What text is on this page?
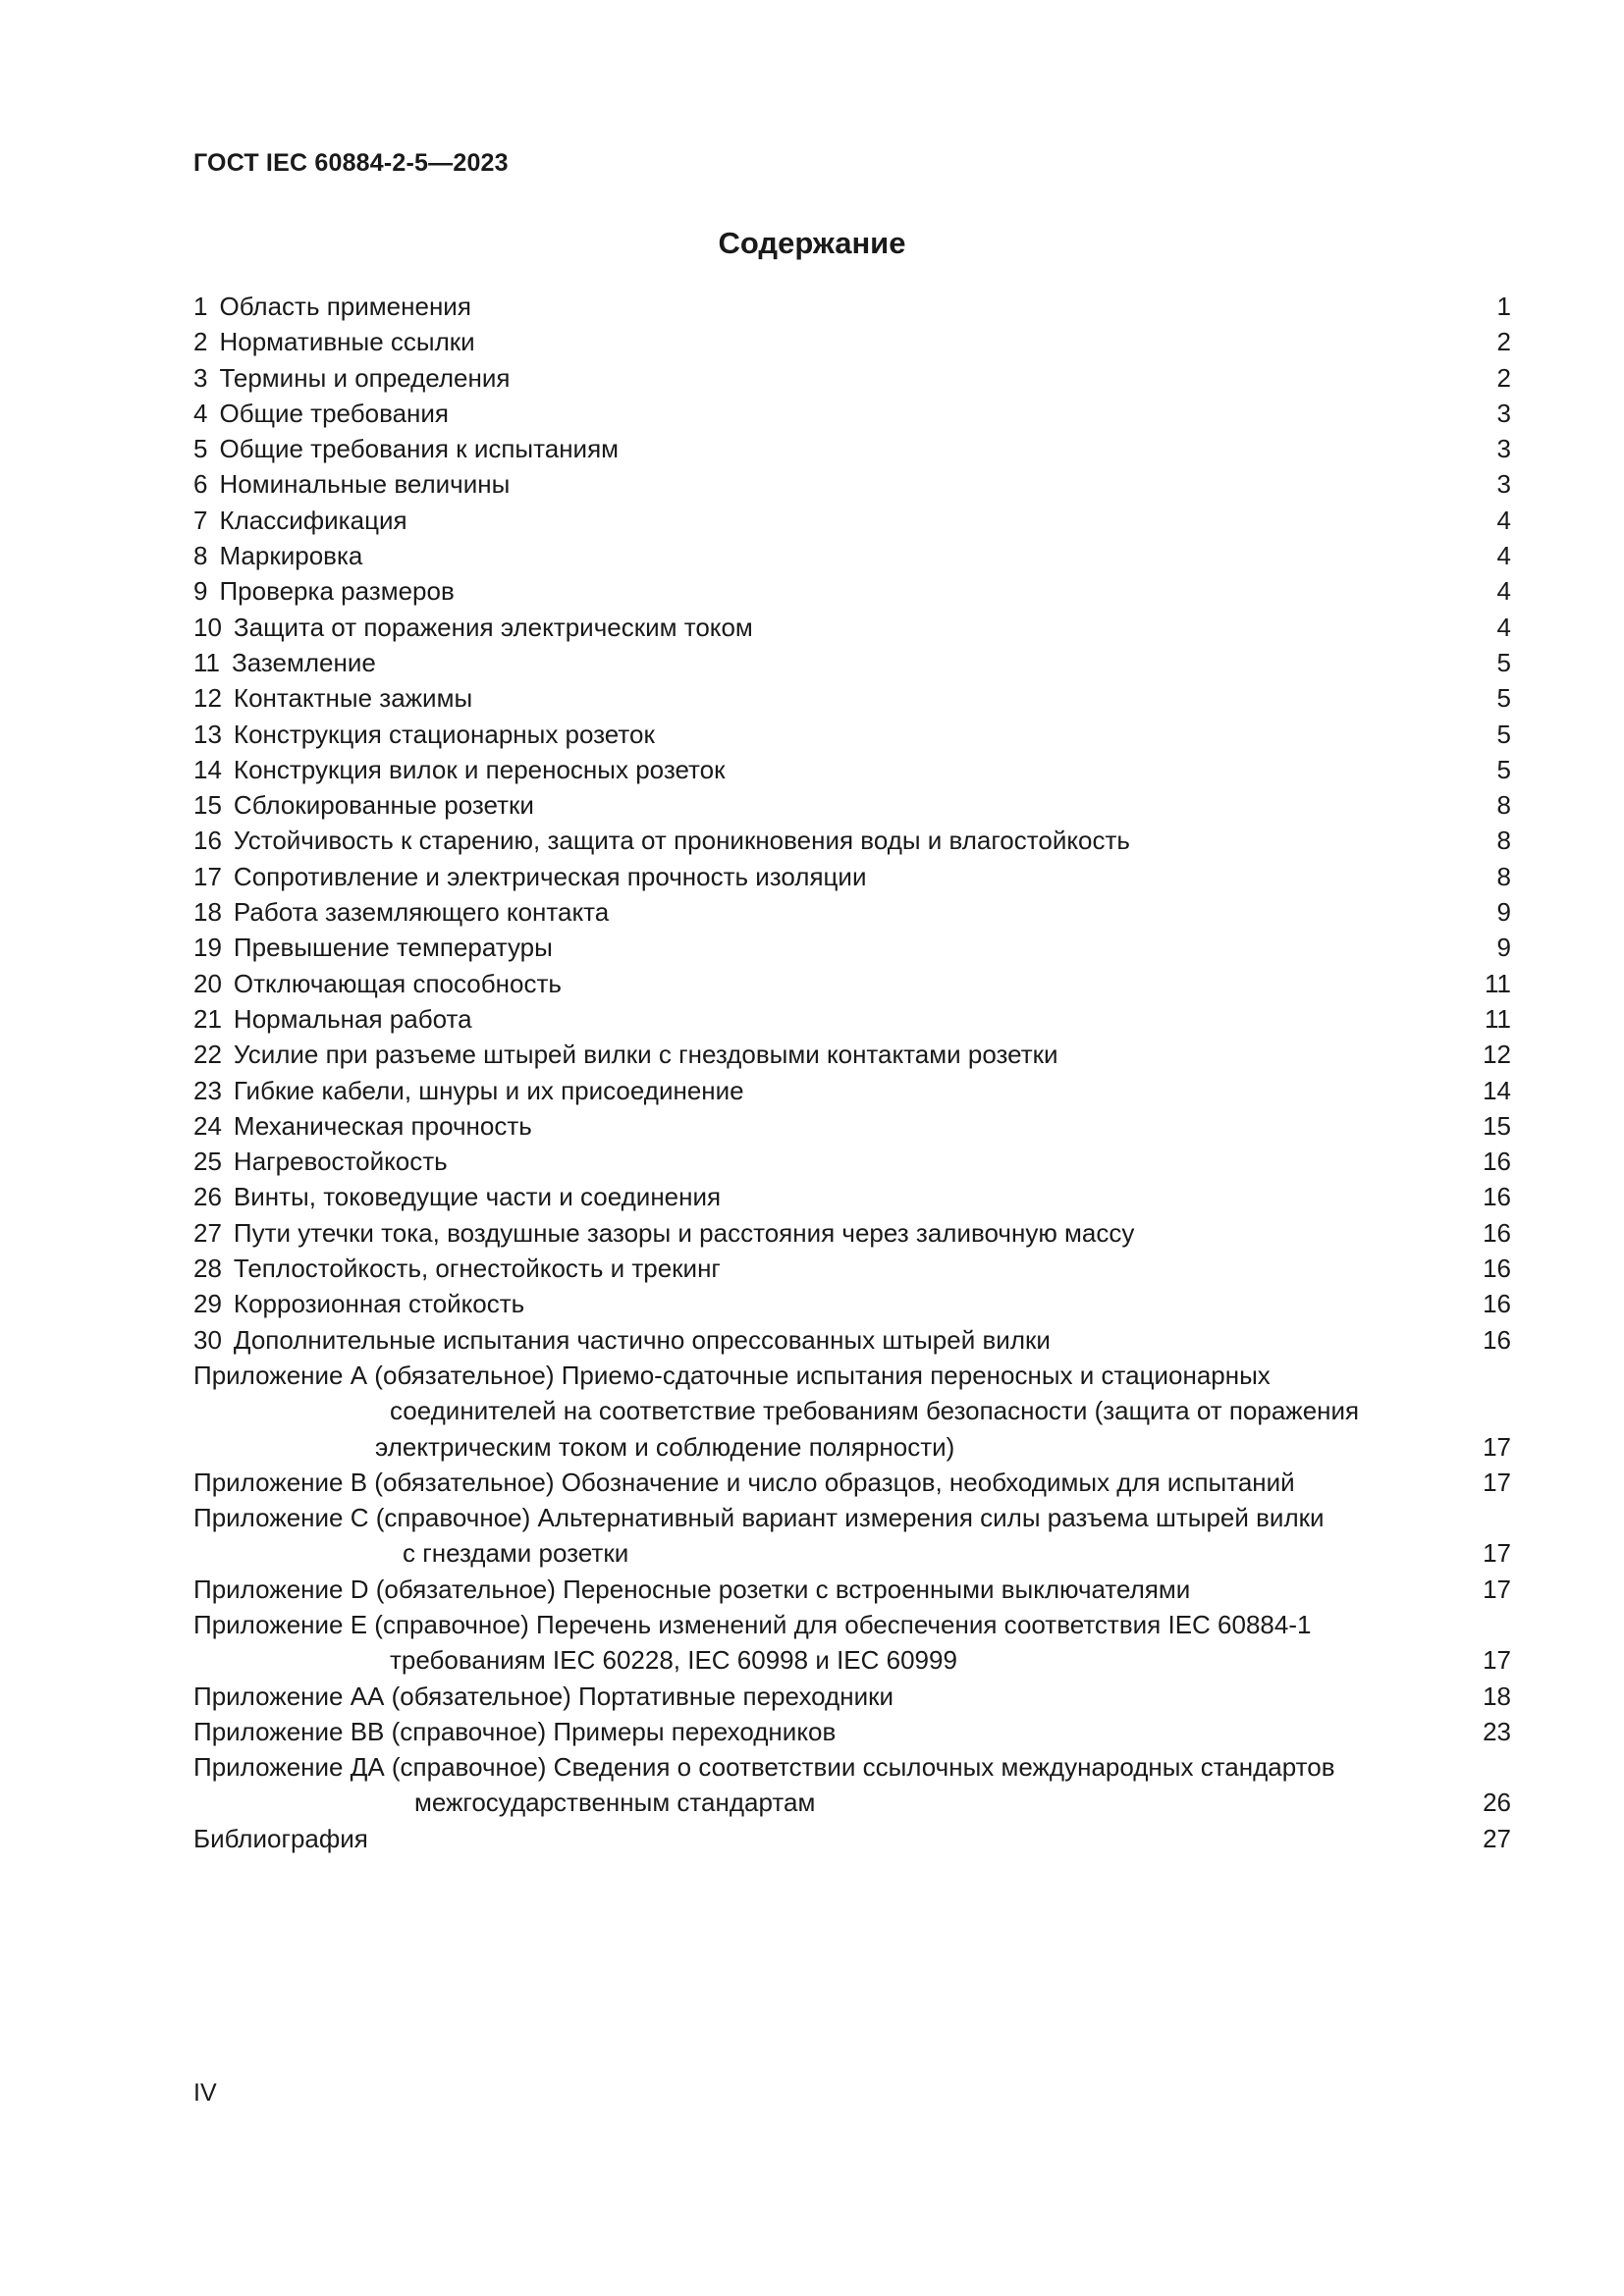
ГОСТ IEC 60884-2-5—2023
Содержание
1 Область применения	1
2 Нормативные ссылки	2
3 Термины и определения	2
4 Общие требования	3
5 Общие требования к испытаниям	3
6 Номинальные величины	3
7 Классификация	4
8 Маркировка	4
9 Проверка размеров	4
10 Защита от поражения электрическим током	4
11 Заземление	5
12 Контактные зажимы	5
13 Конструкция стационарных розеток	5
14 Конструкция вилок и переносных розеток	5
15 Сблокированные розетки	8
16 Устойчивость к старению, защита от проникновения воды и влагостойкость	8
17 Сопротивление и электрическая прочность изоляции	8
18 Работа заземляющего контакта	9
19 Превышение температуры	9
20 Отключающая способность	11
21 Нормальная работа	11
22 Усилие при разъеме штырей вилки с гнездовыми контактами розетки	12
23 Гибкие кабели, шнуры и их присоединение	14
24 Механическая прочность	15
25 Нагревостойкость	16
26 Винты, токоведущие части и соединения	16
27 Пути утечки тока, воздушные зазоры и расстояния через заливочную массу	16
28 Теплостойкость, огнестойкость и трекинг	16
29 Коррозионная стойкость	16
30 Дополнительные испытания частично опрессованных штырей вилки	16
Приложение А (обязательное) Приемо-сдаточные испытания переносных и стационарных
соединителей на соответствие требованиям безопасности (защита от поражения
электрическим током и соблюдение полярности)	17
Приложение B (обязательное) Обозначение и число образцов, необходимых для испытаний	17
Приложение С (справочное) Альтернативный вариант измерения силы разъема штырей вилки
с гнездами розетки	17
Приложение D (обязательное) Переносные розетки с встроенными выключателями	17
Приложение E (справочное) Перечень изменений для обеспечения соответствия IEC 60884-1
требованиям IEC 60228, IEC 60998 и IEC 60999	17
Приложение АА (обязательное) Портативные переходники	18
Приложение ВВ (справочное) Примеры переходников	23
Приложение ДА (справочное) Сведения о соответствии ссылочных международных стандартов
межгосударственным стандартам	26
Библиография	27
IV
